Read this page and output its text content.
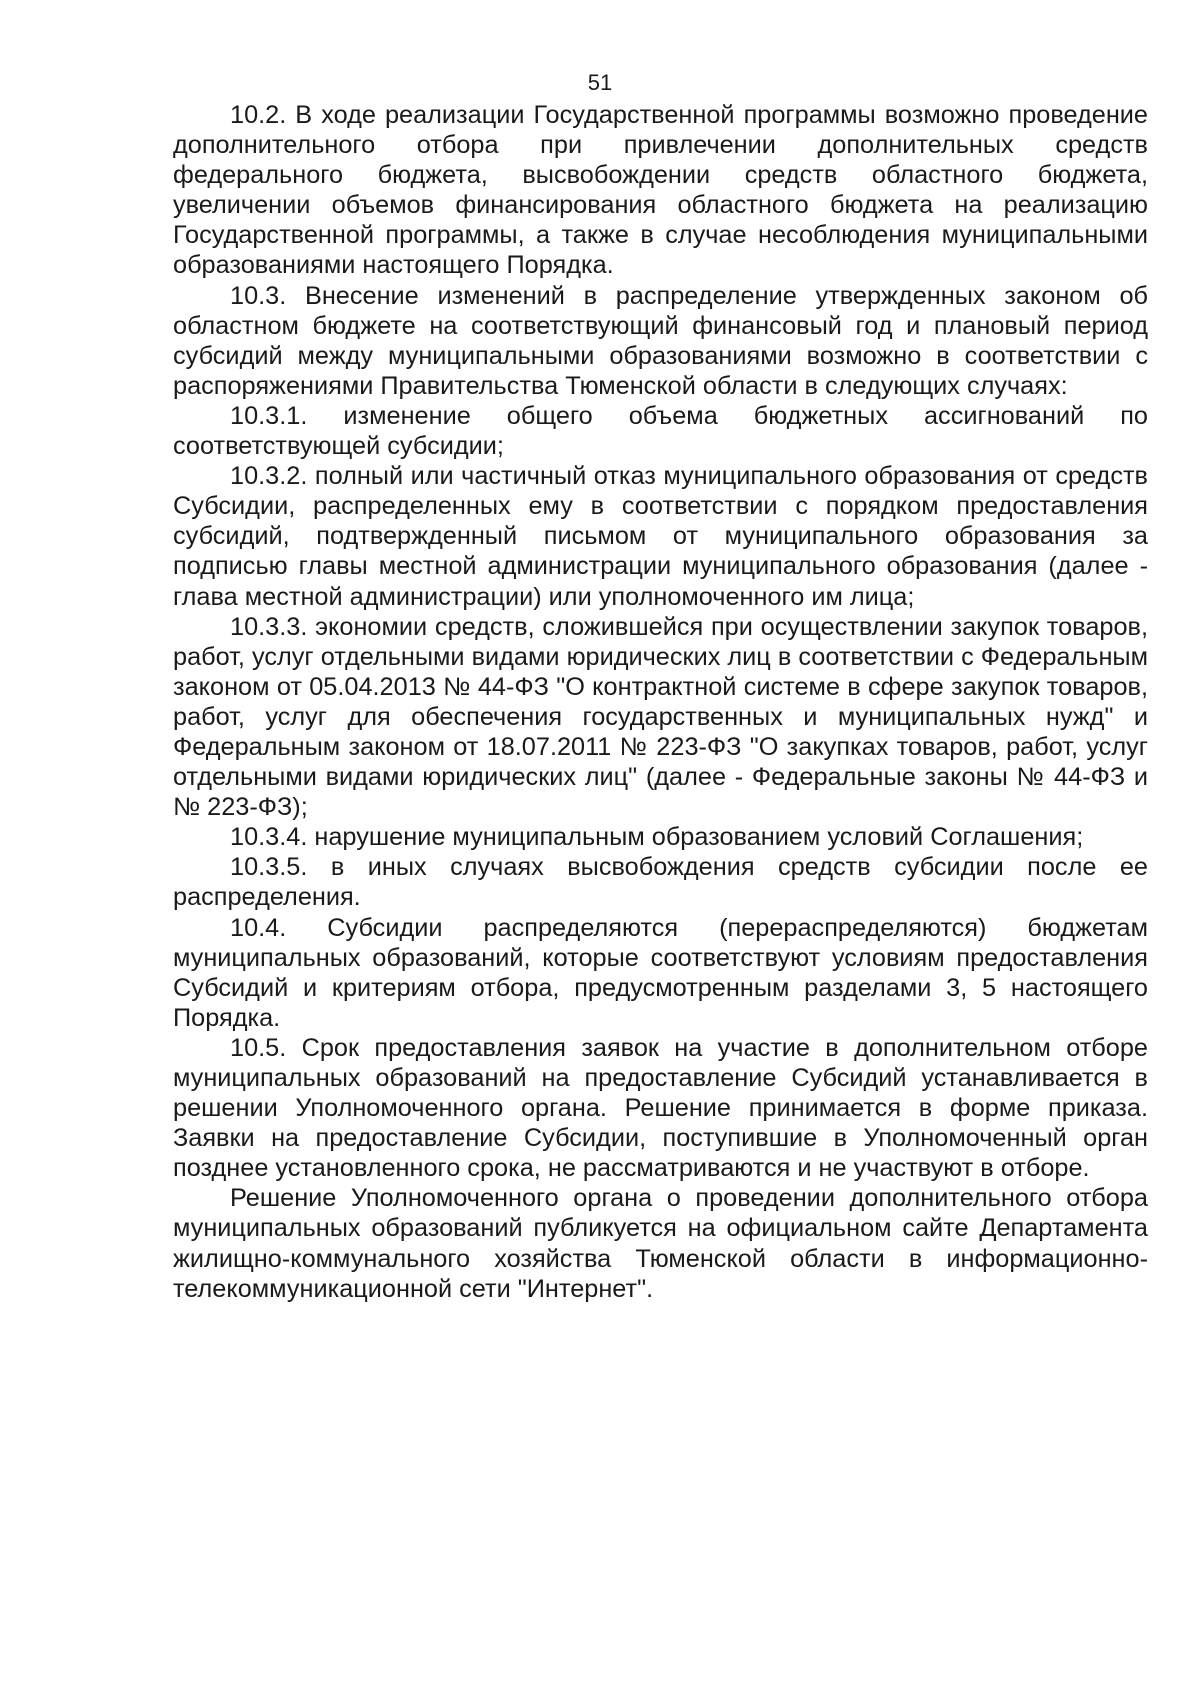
51

10.2. В ходе реализации Государственной программы возможно проведение дополнительного отбора при привлечении дополнительных средств федерального бюджета, высвобождении средств областного бюджета, увеличении объемов финансирования областного бюджета на реализацию Государственной программы, а также в случае несоблюдения муниципальными образованиями настоящего Порядка.

10.3. Внесение изменений в распределение утвержденных законом об областном бюджете на соответствующий финансовый год и плановый период субсидий между муниципальными образованиями возможно в соответствии с распоряжениями Правительства Тюменской области в следующих случаях:

10.3.1. изменение общего объема бюджетных ассигнований по соответствующей субсидии;

10.3.2. полный или частичный отказ муниципального образования от средств Субсидии, распределенных ему в соответствии с порядком предоставления субсидий, подтвержденный письмом от муниципального образования за подписью главы местной администрации муниципального образования (далее - глава местной администрации) или уполномоченного им лица;

10.3.3. экономии средств, сложившейся при осуществлении закупок товаров, работ, услуг отдельными видами юридических лиц в соответствии с Федеральным законом от 05.04.2013 № 44-ФЗ "О контрактной системе в сфере закупок товаров, работ, услуг для обеспечения государственных и муниципальных нужд" и Федеральным законом от 18.07.2011 № 223-ФЗ "О закупках товаров, работ, услуг отдельными видами юридических лиц" (далее - Федеральные законы № 44-ФЗ и № 223-ФЗ);

10.3.4. нарушение муниципальным образованием условий Соглашения;

10.3.5. в иных случаях высвобождения средств субсидии после ее распределения.

10.4. Субсидии распределяются (перераспределяются) бюджетам муниципальных образований, которые соответствуют условиям предоставления Субсидий и критериям отбора, предусмотренным разделами 3, 5 настоящего Порядка.

10.5. Срок предоставления заявок на участие в дополнительном отборе муниципальных образований на предоставление Субсидий устанавливается в решении Уполномоченного органа. Решение принимается в форме приказа. Заявки на предоставление Субсидии, поступившие в Уполномоченный орган позднее установленного срока, не рассматриваются и не участвуют в отборе.

Решение Уполномоченного органа о проведении дополнительного отбора муниципальных образований публикуется на официальном сайте Департамента жилищно-коммунального хозяйства Тюменской области в информационно-телекоммуникационной сети "Интернет".
